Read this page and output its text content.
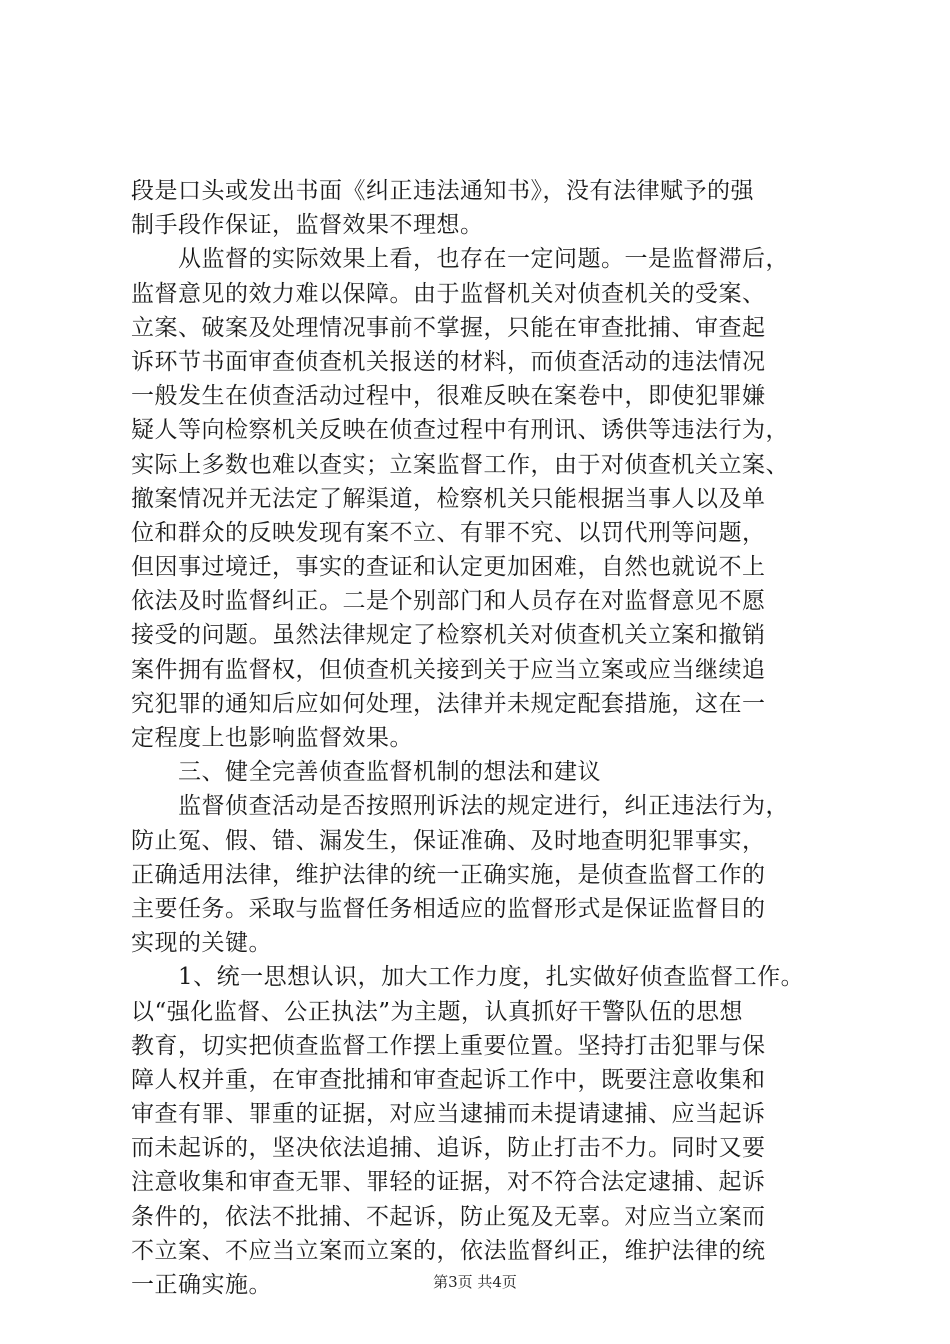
段是口头或发出书面《纠正违法通知书》，没有法律赋予的强
制手段作保证，监督效果不理想。
　　从监督的实际效果上看，也存在一定问题。一是监督滞后，
监督意见的效力难以保障。由于监督机关对侦查机关的受案、
立案、破案及处理情况事前不掌握，只能在审查批捕、审查起
诉环节书面审查侦查机关报送的材料，而侦查活动的违法情况
一般发生在侦查活动过程中，很难反映在案卷中，即使犯罪嫌
疑人等向检察机关反映在侦查过程中有刑讯、诱供等违法行为，
实际上多数也难以查实；立案监督工作，由于对侦查机关立案、
撤案情况并无法定了解渠道，检察机关只能根据当事人以及单
位和群众的反映发现有案不立、有罪不究、以罚代刑等问题，
但因事过境迁，事实的查证和认定更加困难，自然也就说不上
依法及时监督纠正。二是个别部门和人员存在对监督意见不愿
接受的问题。虽然法律规定了检察机关对侦查机关立案和撤销
案件拥有监督权，但侦查机关接到关于应当立案或应当继续追
究犯罪的通知后应如何处理，法律并未规定配套措施，这在一
定程度上也影响监督效果。
　　三、健全完善侦查监督机制的想法和建议
　　监督侦查活动是否按照刑诉法的规定进行，纠正违法行为，
防止冤、假、错、漏发生，保证准确、及时地查明犯罪事实，
正确适用法律，维护法律的统一正确实施，是侦查监督工作的
主要任务。采取与监督任务相适应的监督形式是保证监督目的
实现的关键。
　　1、统一思想认识，加大工作力度，扎实做好侦查监督工作。
以“强化监督、公正执法”为主题，认真抓好干警队伍的思想
教育，切实把侦查监督工作摆上重要位置。坚持打击犯罪与保
障人权并重，在审查批捕和审查起诉工作中，既要注意收集和
审查有罪、罪重的证据，对应当逮捕而未提请逮捕、应当起诉
而未起诉的，坚决依法追捕、追诉，防止打击不力。同时又要
注意收集和审查无罪、罪轻的证据，对不符合法定逮捕、起诉
条件的，依法不批捕、不起诉，防止冤及无辜。对应当立案而
不立案、不应当立案而立案的，依法监督纠正，维护法律的统
一正确实施。	第3页 共4页
